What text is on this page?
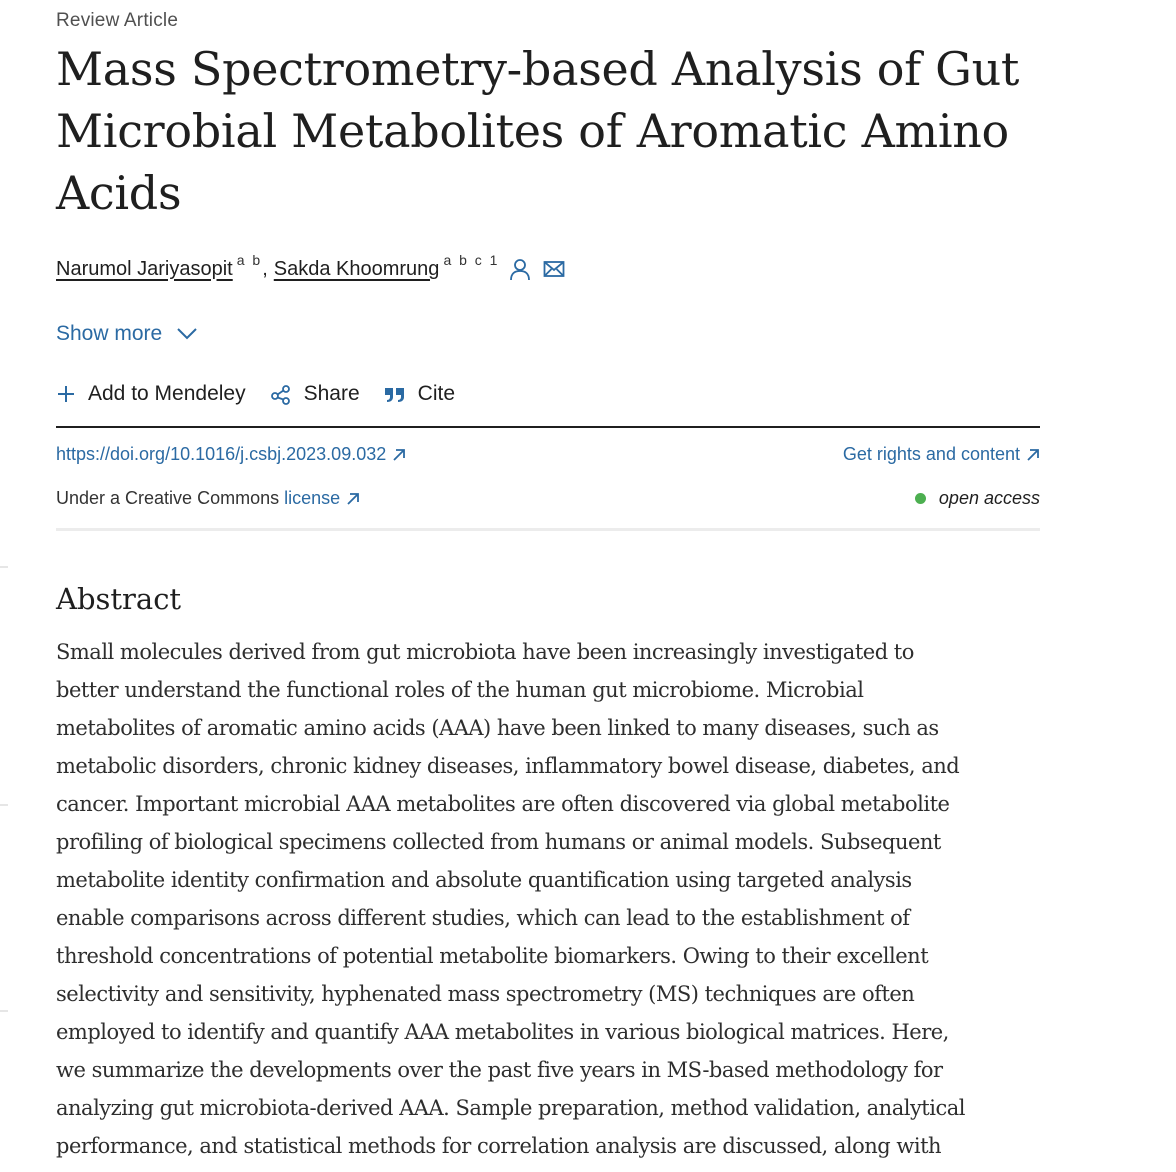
Review Article
Mass Spectrometry-based Analysis of Gut Microbial Metabolites of Aromatic Amino Acids
Narumol Jariyasopit a b , Sakda Khoomrung a b c 1
Show more
Add to Mendeley	Share	Cite
https://doi.org/10.1016/j.csbj.2023.09.032	Get rights and content
Under a Creative Commons license	open access
Abstract

Small molecules derived from gut microbiota have been increasingly investigated to
better understand the functional roles of the human gut microbiome. Microbial
metabolites of aromatic amino acids (AAA) have been linked to many diseases, such as
metabolic disorders, chronic kidney diseases, inflammatory bowel disease, diabetes, and
cancer. Important microbial AAA metabolites are often discovered via global metabolite
profiling of biological specimens collected from humans or animal models. Subsequent
metabolite identity confirmation and absolute quantification using targeted analysis
enable comparisons across different studies, which can lead to the establishment of
threshold concentrations of potential metabolite biomarkers. Owing to their excellent
selectivity and sensitivity, hyphenated mass spectrometry (MS) techniques are often
employed to identify and quantify AAA metabolites in various biological matrices. Here,
we summarize the developments over the past five years in MS-based methodology for
analyzing gut microbiota-derived AAA. Sample preparation, method validation, analytical
performance, and statistical methods for correlation analysis are discussed, along with
